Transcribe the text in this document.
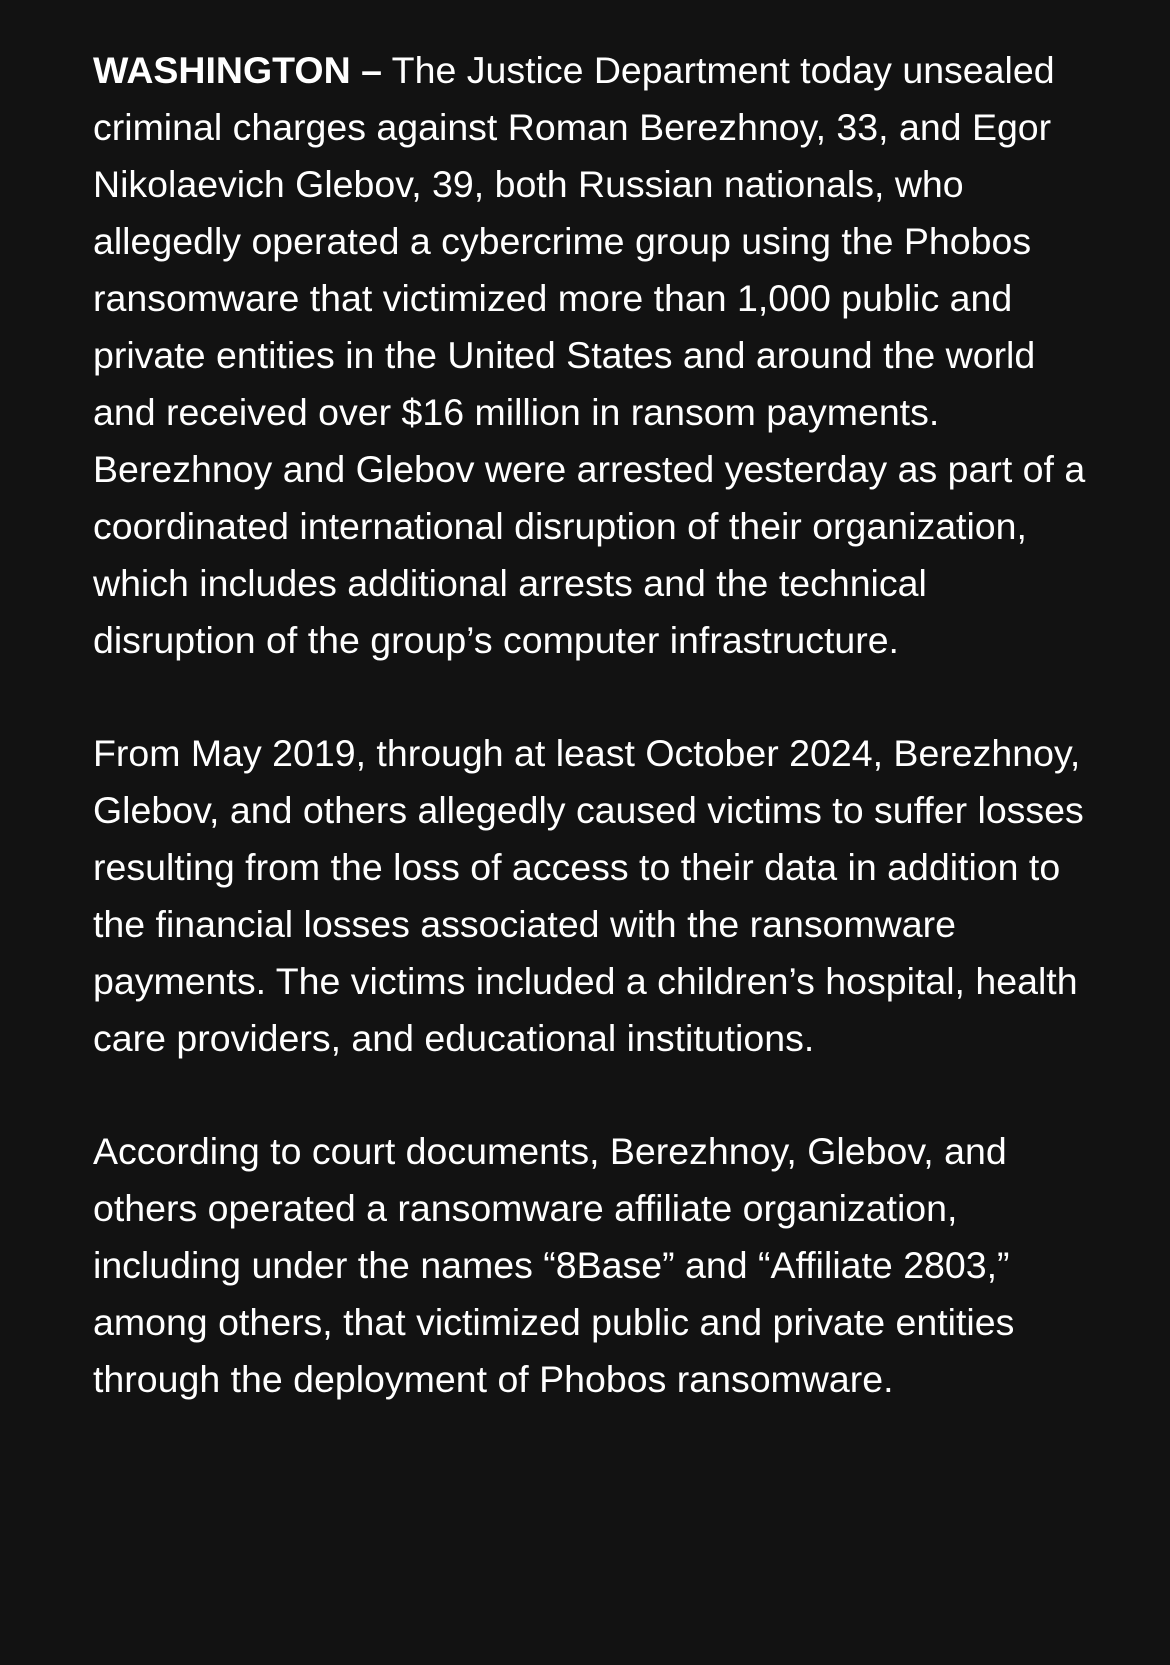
WASHINGTON – The Justice Department today unsealed criminal charges against Roman Berezhnoy, 33, and Egor Nikolaevich Glebov, 39, both Russian nationals, who allegedly operated a cybercrime group using the Phobos ransomware that victimized more than 1,000 public and private entities in the United States and around the world and received over $16 million in ransom payments. Berezhnoy and Glebov were arrested yesterday as part of a coordinated international disruption of their organization, which includes additional arrests and the technical disruption of the group’s computer infrastructure.

From May 2019, through at least October 2024, Berezhnoy, Glebov, and others allegedly caused victims to suffer losses resulting from the loss of access to their data in addition to the financial losses associated with the ransomware payments. The victims included a children’s hospital, health care providers, and educational institutions.

According to court documents, Berezhnoy, Glebov, and others operated a ransomware affiliate organization, including under the names “8Base” and “Affiliate 2803,” among others, that victimized public and private entities through the deployment of Phobos ransomware.
